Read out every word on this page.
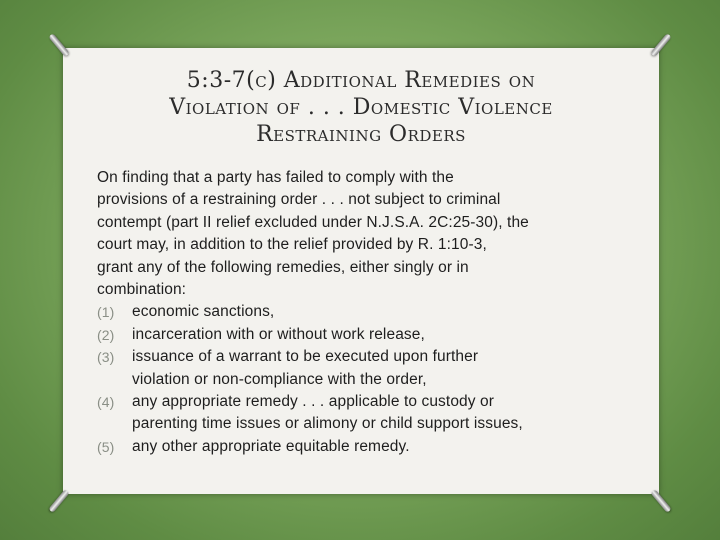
5:3-7(c) Additional Remedies on
Violation of . . . Domestic Violence
Restraining Orders
On finding that a party has failed to comply with the
provisions of a restraining order . . . not subject to criminal
contempt (part II relief excluded under N.J.S.A. 2C:25-30), the
court may, in addition to the relief provided by R. 1:10-3,
grant any of the following remedies, either singly or in
combination:
(1) economic sanctions,
(2) incarceration with or without work release,
(3) issuance of a warrant to be executed upon further
violation or non-compliance with the order,
(4) any appropriate remedy . . . applicable to custody or
parenting time issues or alimony or child support issues,
(5) any other appropriate equitable remedy.
